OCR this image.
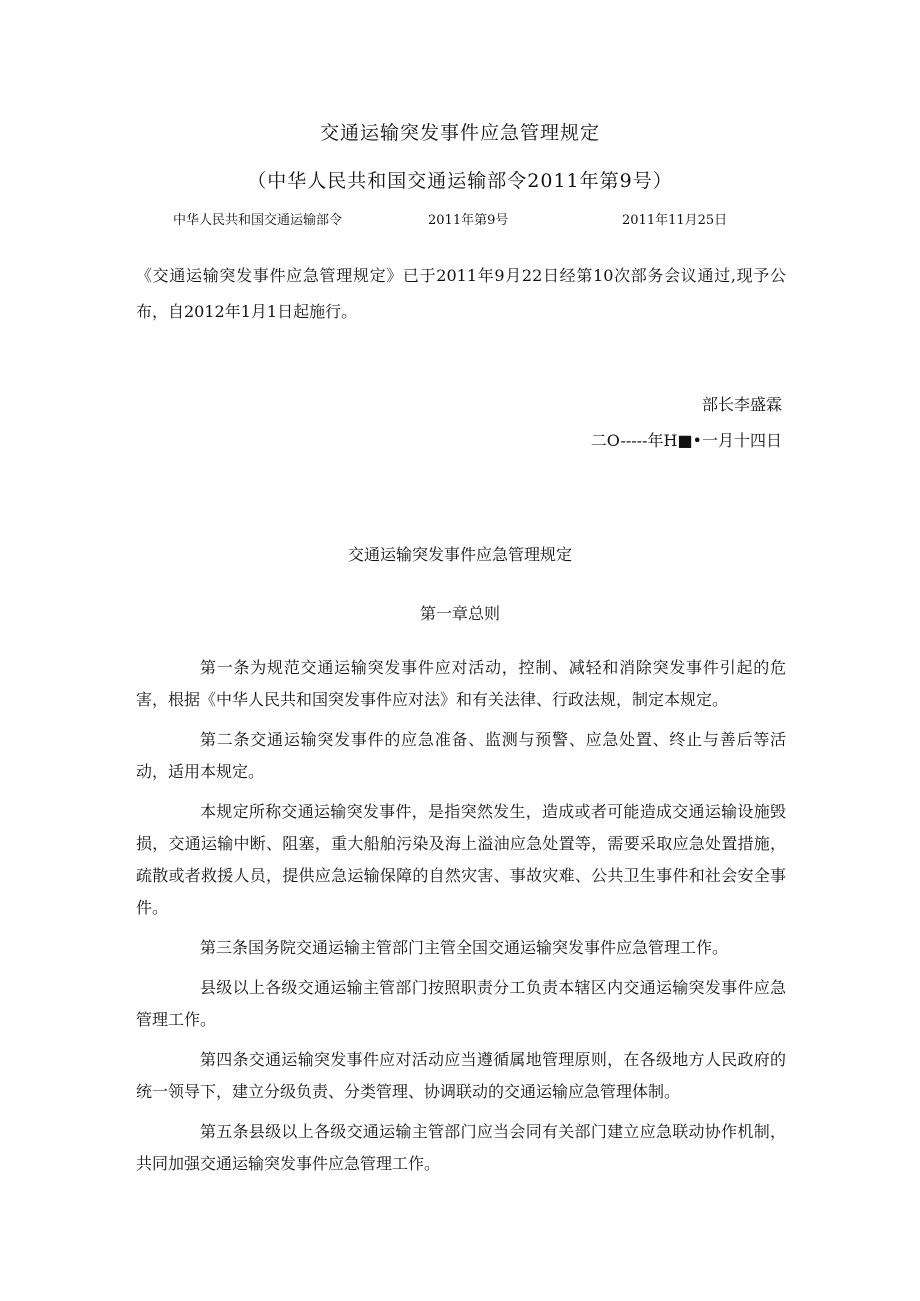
交通运输突发事件应急管理规定
（中华人民共和国交通运输部令2011年第9号）
中华人民共和国交通运输部令	2011年第9号	2011年11月25日
《交通运输突发事件应急管理规定》已于2011年9月22日经第10次部务会议通过,现予公布，自2012年1月1日起施行。
部长李盛霖
二O-----年H■•一月十四日
交通运输突发事件应急管理规定
第一章总则

第一条为规范交通运输突发事件应对活动，控制、减轻和消除突发事件引起的危害，根据《中华人民共和国突发事件应对法》和有关法律、行政法规，制定本规定。

第二条交通运输突发事件的应急准备、监测与预警、应急处置、终止与善后等活动，适用本规定。

本规定所称交通运输突发事件，是指突然发生，造成或者可能造成交通运输设施毁损，交通运输中断、阻塞，重大船舶污染及海上溢油应急处置等，需要采取应急处置措施，疏散或者救援人员，提供应急运输保障的自然灾害、事故灾难、公共卫生事件和社会安全事件。

第三条国务院交通运输主管部门主管全国交通运输突发事件应急管理工作。

县级以上各级交通运输主管部门按照职责分工负责本辖区内交通运输突发事件应急管理工作。

第四条交通运输突发事件应对活动应当遵循属地管理原则，在各级地方人民政府的统一领导下，建立分级负责、分类管理、协调联动的交通运输应急管理体制。

第五条县级以上各级交通运输主管部门应当会同有关部门建立应急联动协作机制，共同加强交通运输突发事件应急管理工作。
